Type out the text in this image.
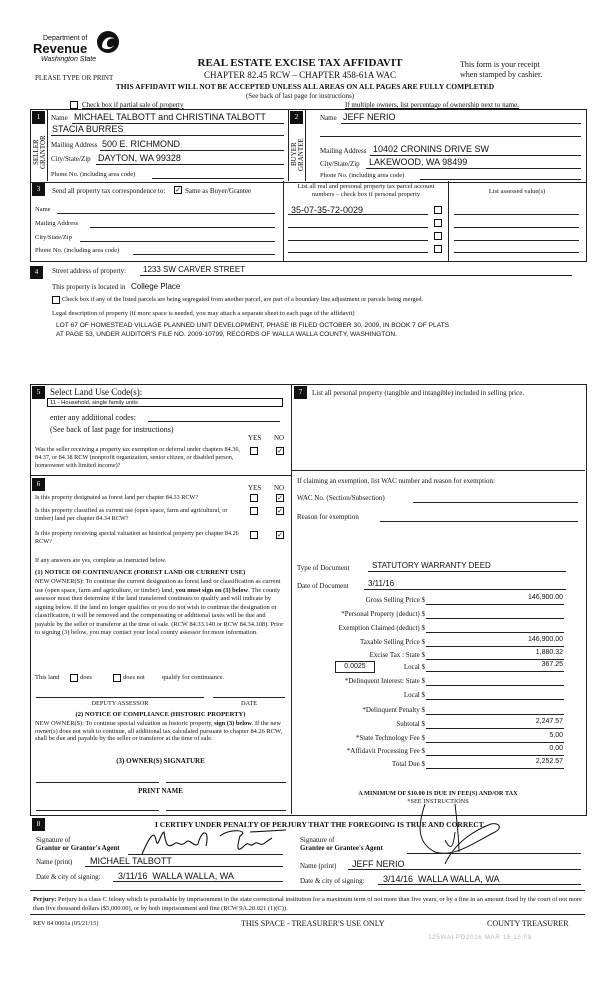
Department of
Revenue
Washington State	REAL ESTATE EXCISE TAX AFFIDAVIT
CHAPTER 82.45 RCW – CHAPTER 458-61A WAC
This form is your receipt
when stamped by cashier.
PLEASE TYPE OR PRINT
THIS AFFIDAVIT WILL NOT BE ACCEPTED UNLESS ALL AREAS ON ALL PAGES ARE FULLY COMPLETED
(See back of last page for instructions)
Check box if partial sale of property	If multiple owners, list percentage of ownership next to name.
1
SELLER GRANTOR
Name MICHAEL TALBOTT and CHRISTINA TALBOTT
STACIA BURRES
Mailing Address 500 E. RICHMOND
City/State/Zip DAYTON, WA 99328
Phone No. (including area code)
2
BUYER GRANTEE
Name JEFF NERIO
Mailing Address 10402 CRONINS DRIVE SW
City/State/Zip LAKEWOOD, WA 98499
Phone No. (including area code)
3	Send all property tax correspondence to: ✓ Same as Buyer/Grantee
Name
Mailing Address
City/State/Zip
Phone No. (including area code)
List all real and personal property tax parcel account
numbers – check box if personal property	List assessed value(s)
35-07-35-72-0029
4	Street address of property: 1233 SW CARVER STREET
This property is located in College Place
Check box if any of the listed parcels are being segregated from another parcel, are part of a boundary line adjustment or parcels being merged.
Legal description of property (if more space is needed, you may attach a separate sheet to each page of the affidavit)
LOT 67 OF HOMESTEAD VILLAGE PLANNED UNIT DEVELOPMENT, PHASE IB FILED OCTOBER 30, 2009, IN BOOK 7 OF PLATS
AT PAGE 53, UNDER AUDITOR'S FILE NO. 2009-10799, RECORDS OF WALLA WALLA COUNTY, WASHINGTON.
5	Select Land Use Code(s):
11 - Household, single family units
enter any additional codes:
(See back of last page for instructions)
YES NO
Was the seller receiving a property tax exemption or deferral under chapters 84.36, 84.37, or 84.38 RCW (nonprofit organization, senior citizen, or disabled person, homeowner with limited income)?
✓
6	YES NO
Is this property designated as forest land per chapter 84.33 RCW?	✓
Is this property classified as current use (open space, farm and agricultural, or timber) land per chapter 84.34 RCW?
✓
Is this property receiving special valuation as historical property per chapter 84.26 RCW?
✓
If any answers are yes, complete as instructed below.
(1) NOTICE OF CONTINUANCE (FOREST LAND OR CURRENT USE)
NEW OWNER(S): To continue the current designation as forest land or classification as current use (open space, farm and agriculture, or timber) land, you must sign on (3) below. The county assessor must then determine if the land transferred continues to qualify and will indicate by signing below. If the land no longer qualifies or you do not wish to continue the designation or classification, it will be removed and the compensating or additional taxes will be due and payable by the seller or transferor at the time of sale. (RCW 84.33.140 or RCW 84.34.108). Prior to signing (3) below, you may contact your local county assessor for more information.
This land	does	does not	qualify for continuance.
DEPUTY ASSESSOR	DATE
(2) NOTICE OF COMPLIANCE (HISTORIC PROPERTY)
NEW OWNER(S): To continue special valuation as historic property, sign (3) below. If the new owner(s) does not wish to continue, all additional tax calculated pursuant to chapter 84.26 RCW, shall be due and payable by the seller or transferor at the time of sale.
(3) OWNER(S) SIGNATURE
PRINT NAME
7	List all personal property (tangible and intangible) included in selling price.
If claiming an exemption, list WAC number and reason for exemption:
WAC No. (Section/Subsection)
Reason for exemption
Type of Document	STATUTORY WARRANTY DEED
Date of Document 3/11/16
Gross Selling Price $	146,900.00
*Personal Property (deduct) $
Exemption Claimed (deduct) $
Taxable Selling Price $	146,900.00
Excise Tax : State $	1,880.32
0.0025	Local $	367.25
*Delinquent Interest: State $
Local $
*Delinquent Penalty $
Subtotal $	2,247.57
*State Technology Fee $	5.00
*Affidavit Processing Fee $	0.00
Total Due $	2,252.57
A MINIMUM OF $10.00 IS DUE IN FEE(S) AND/OR TAX
*SEE INSTRUCTIONS
8	I CERTIFY UNDER PENALTY OF PERJURY THAT THE FOREGOING IS TRUE AND CORRECT.
Signature of
Grantor or Grantor's Agent
Name (print) MICHAEL TALBOTT
Date & city of signing: 3/11/16  WALLA WALLA, WA
Signature of
Grantee or Grantee's Agent
Name (print) JEFF NERIO
Date & city of signing: 3/14/16  WALLA WALLA, WA
Perjury: Perjury is a class C felony which is punishable by imprisonment in the state correctional institution for a maximum term of not more than five years, or by a fine in an amount fixed by the court of not more than five thousand dollars ($5,000.00), or by both imprisonment and fine (RCW 9A.20.021 (1)(C)).
REV 84 0001a (05/21/15)	THIS SPACE - TREASURER'S USE ONLY	COUNTY TREASURER
125WALPD2016 MAR 15 15:08
